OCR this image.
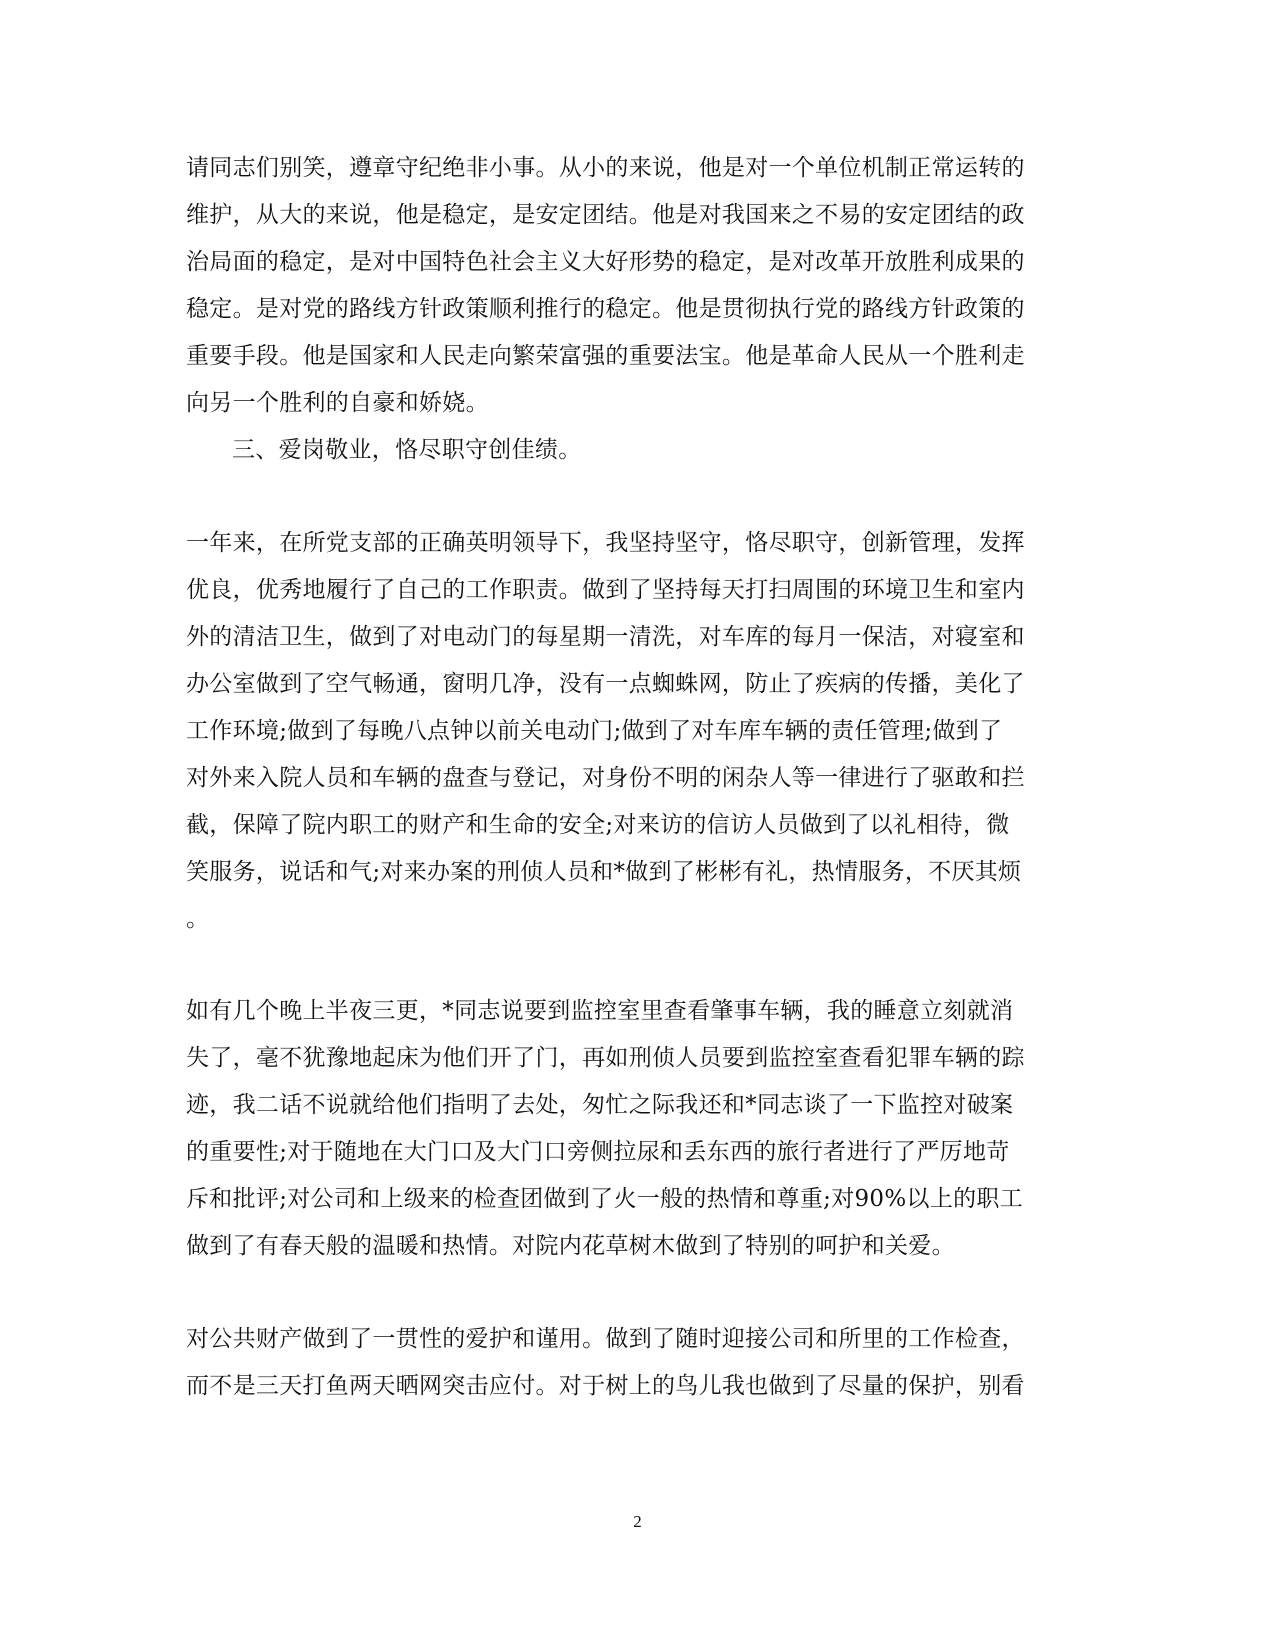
请同志们别笑，遵章守纪绝非小事。从小的来说，他是对一个单位机制正常运转的
维护，从大的来说，他是稳定，是安定团结。他是对我国来之不易的安定团结的政
治局面的稳定，是对中国特色社会主义大好形势的稳定，是对改革开放胜利成果的
稳定。是对党的路线方针政策顺利推行的稳定。他是贯彻执行党的路线方针政策的
重要手段。他是国家和人民走向繁荣富强的重要法宝。他是革命人民从一个胜利走
向另一个胜利的自豪和娇娆。
三、爱岗敬业，恪尽职守创佳绩。
一年来，在所党支部的正确英明领导下，我坚持坚守，恪尽职守，创新管理，发挥
优良，优秀地履行了自己的工作职责。做到了坚持每天打扫周围的环境卫生和室内
外的清洁卫生，做到了对电动门的每星期一清洗，对车库的每月一保洁，对寝室和
办公室做到了空气畅通，窗明几净，没有一点蜘蛛网，防止了疾病的传播，美化了
工作环境;做到了每晚八点钟以前关电动门;做到了对车库车辆的责任管理;做到了
对外来入院人员和车辆的盘查与登记，对身份不明的闲杂人等一律进行了驱敢和拦
截，保障了院内职工的财产和生命的安全;对来访的信访人员做到了以礼相待，微
笑服务，说话和气;对来办案的刑侦人员和*做到了彬彬有礼，热情服务，不厌其烦
。
如有几个晚上半夜三更，*同志说要到监控室里查看肇事车辆，我的睡意立刻就消
失了，毫不犹豫地起床为他们开了门，再如刑侦人员要到监控室查看犯罪车辆的踪
迹，我二话不说就给他们指明了去处，匆忙之际我还和*同志谈了一下监控对破案
的重要性;对于随地在大门口及大门口旁侧拉尿和丢东西的旅行者进行了严厉地苛
斥和批评;对公司和上级来的检查团做到了火一般的热情和尊重;对90%以上的职工
做到了有春天般的温暖和热情。对院内花草树木做到了特别的呵护和关爱。
对公共财产做到了一贯性的爱护和谨用。做到了随时迎接公司和所里的工作检查，
而不是三天打鱼两天晒网突击应付。对于树上的鸟儿我也做到了尽量的保护，别看
2
